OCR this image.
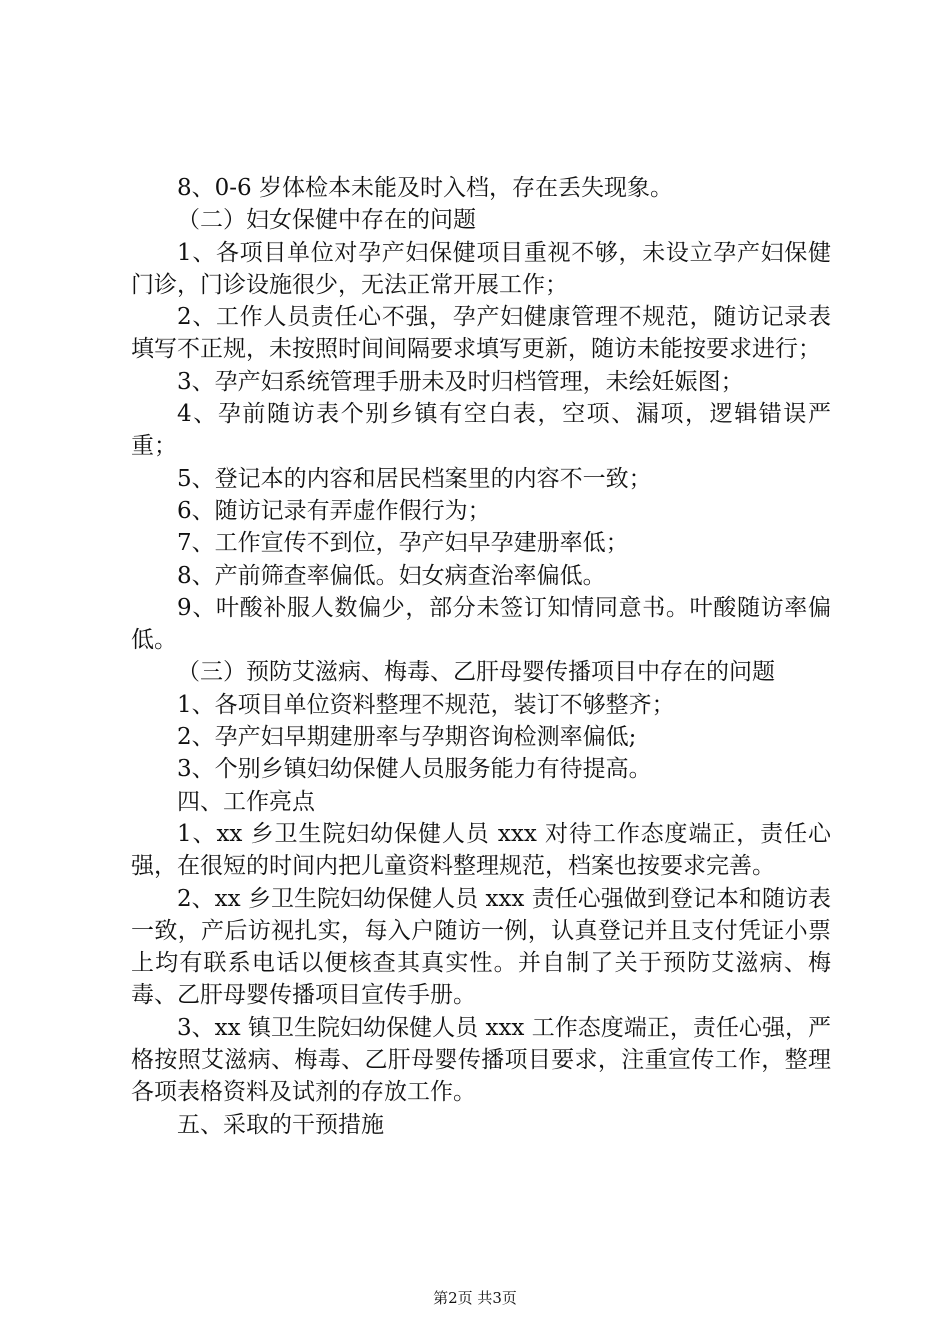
8、0-6 岁体检本未能及时入档，存在丢失现象。

（二）妇女保健中存在的问题

1、各项目单位对孕产妇保健项目重视不够，未设立孕产妇保健门诊，门诊设施很少，无法正常开展工作；

2、工作人员责任心不强，孕产妇健康管理不规范，随访记录表填写不正规，未按照时间间隔要求填写更新，随访未能按要求进行；

3、孕产妇系统管理手册未及时归档管理，未绘妊娠图；

4、孕前随访表个别乡镇有空白表，空项、漏项，逻辑错误严重；

5、登记本的内容和居民档案里的内容不一致；

6、随访记录有弄虚作假行为；

7、工作宣传不到位，孕产妇早孕建册率低；

8、产前筛查率偏低。妇女病查治率偏低。

9、叶酸补服人数偏少，部分未签订知情同意书。叶酸随访率偏低。

（三）预防艾滋病、梅毒、乙肝母婴传播项目中存在的问题

1、各项目单位资料整理不规范，装订不够整齐；

2、孕产妇早期建册率与孕期咨询检测率偏低;

3、个别乡镇妇幼保健人员服务能力有待提高。

四、工作亮点

1、xx 乡卫生院妇幼保健人员 xxx 对待工作态度端正，责任心强，在很短的时间内把儿童资料整理规范，档案也按要求完善。

2、xx 乡卫生院妇幼保健人员 xxx 责任心强做到登记本和随访表一致，产后访视扎实，每入户随访一例，认真登记并且支付凭证小票上均有联系电话以便核查其真实性。并自制了关于预防艾滋病、梅毒、乙肝母婴传播项目宣传手册。

3、xx 镇卫生院妇幼保健人员 xxx 工作态度端正，责任心强，严格按照艾滋病、梅毒、乙肝母婴传播项目要求，注重宣传工作，整理各项表格资料及试剂的存放工作。

五、采取的干预措施

第2页 共3页
